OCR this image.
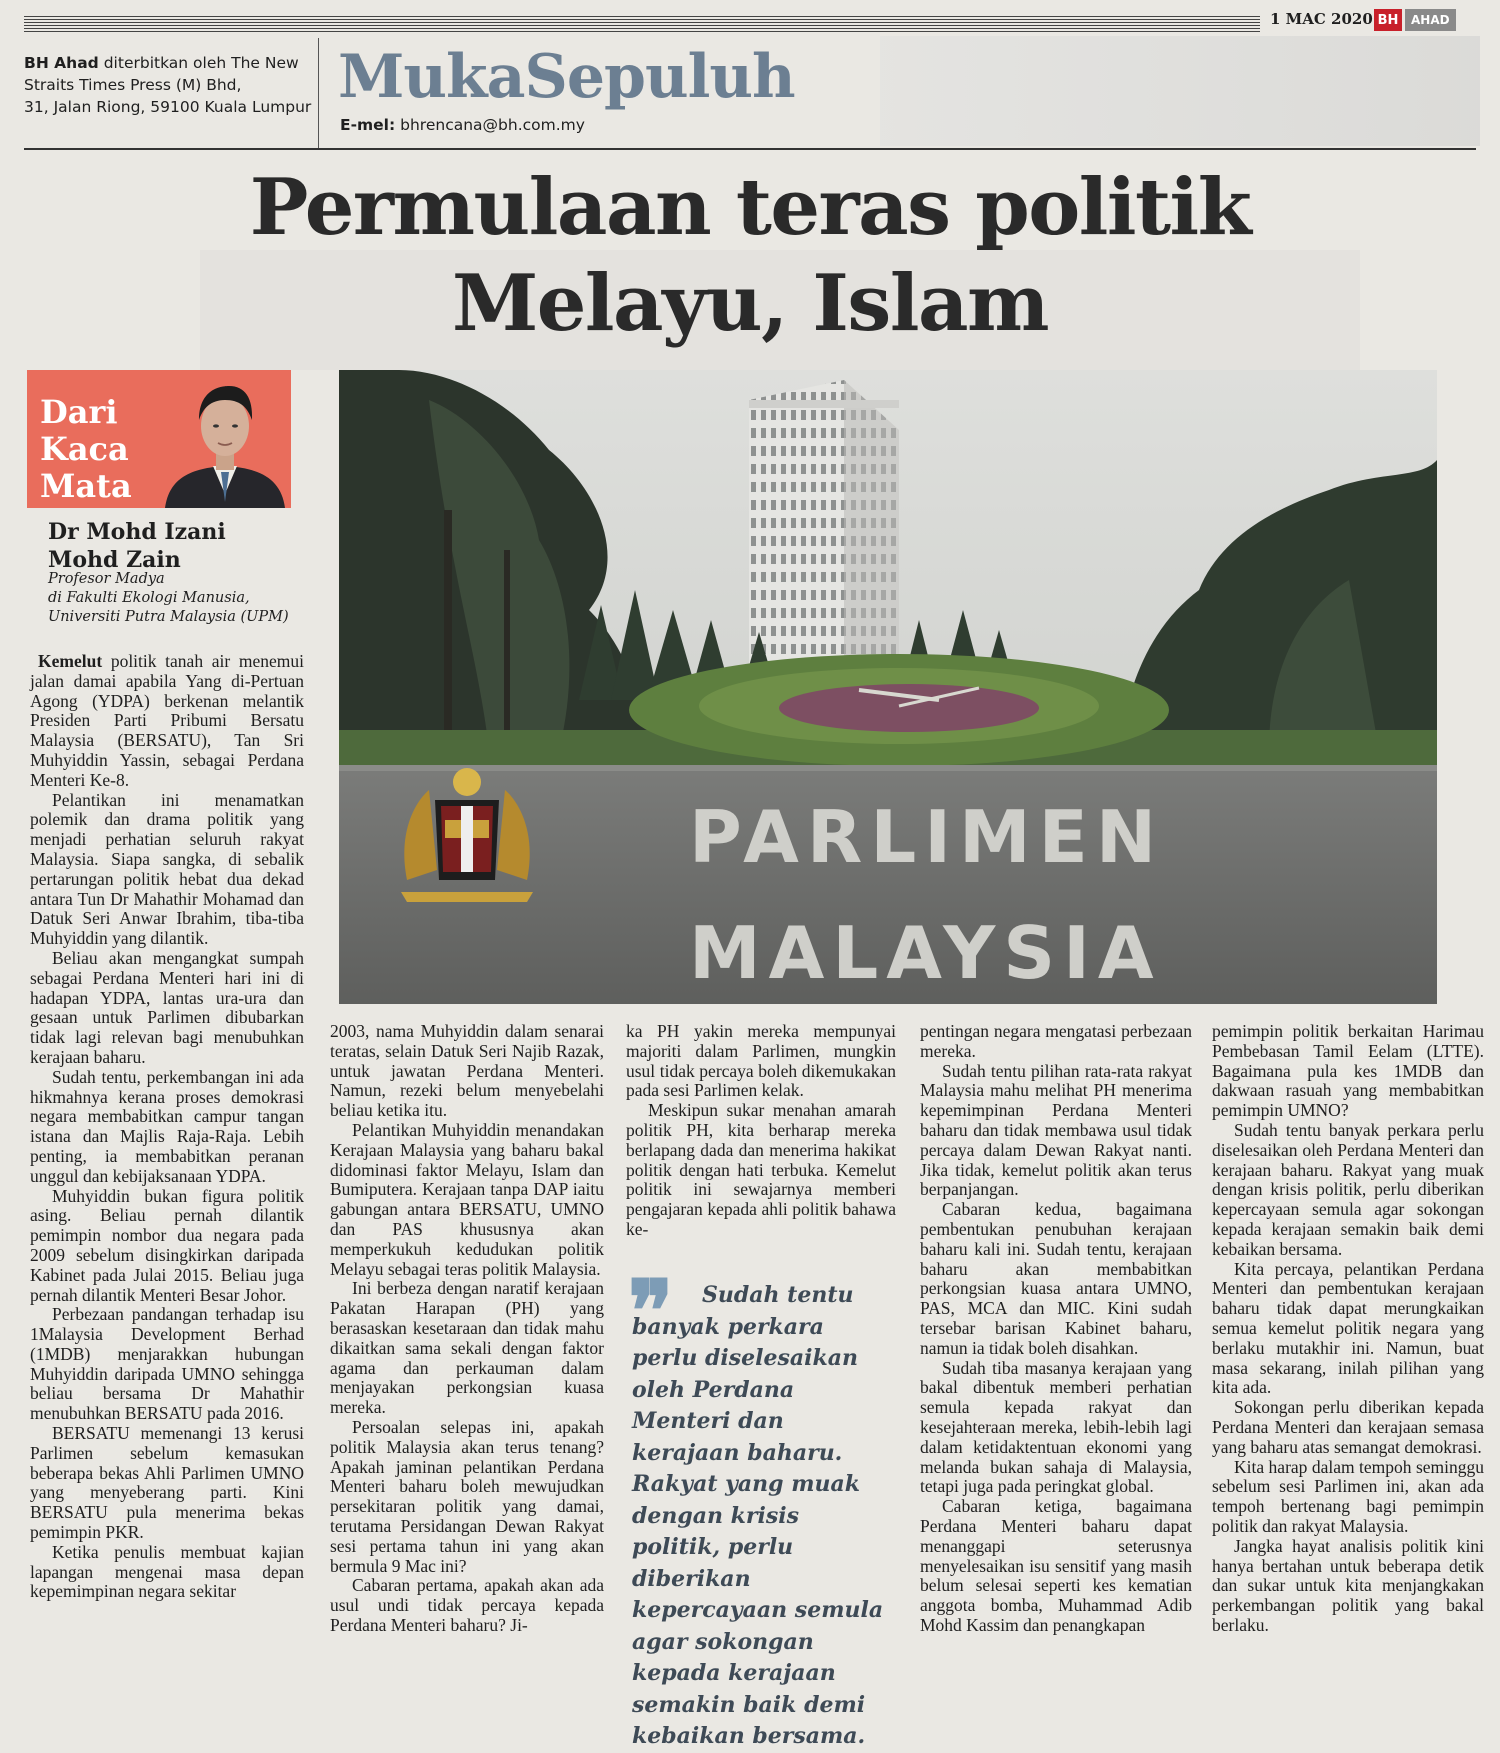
1 MAC 2020 BH	AHAD
BH Ahad diterbitkan oleh The New
Straits Times Press (M) Bhd,
31, Jalan Riong, 59100 Kuala Lumpur MukaSepuluh
E-mel: bhrencana@bh.com.my
Permulaan teras politik
Melayu, Islam
Dari
Kaca
Mata
Dr Mohd Izani
Mohd Zain
Profesor Madya
di Fakulti Ekologi Manusia,
Universiti Putra Malaysia (UPM)
PARLIMEN
MALAYSIA

Kemelut politik tanah air menemui jalan damai apabila Yang di-Pertuan Agong (YDPA) berkenan melantik Presiden Parti Pribumi Bersatu Malaysia (BERSATU), Tan Sri Muhyiddin Yassin, sebagai Perdana Menteri Ke-8.

Pelantikan ini menamatkan polemik dan drama politik yang menjadi perhatian seluruh rakyat Malaysia. Siapa sangka, di sebalik pertarungan politik hebat dua dekad antara Tun Dr Mahathir Mohamad dan Datuk Seri Anwar Ibrahim, tiba-tiba Muhyiddin yang dilantik.

Beliau akan mengangkat sumpah sebagai Perdana Menteri hari ini di hadapan YDPA, lantas ura-ura dan gesaan untuk Parlimen dibubarkan tidak lagi relevan bagi menubuhkan kerajaan baharu.

Sudah tentu, perkembangan ini ada hikmahnya kerana proses demokrasi negara membabitkan campur tangan istana dan Majlis Raja-Raja. Lebih penting, ia membabitkan peranan unggul dan kebijaksanaan YDPA.

Muhyiddin bukan figura politik asing. Beliau pernah dilantik pemimpin nombor dua negara pada 2009 sebelum disingkirkan daripada Kabinet pada Julai 2015. Beliau juga pernah dilantik Menteri Besar Johor.

Perbezaan pandangan terhadap isu 1Malaysia Development Berhad (1MDB) menjarakkan hubungan Muhyiddin daripada UMNO sehingga beliau bersama Dr Mahathir menubuhkan BERSATU pada 2016.

BERSATU memenangi 13 kerusi Parlimen sebelum kemasukan beberapa bekas Ahli Parlimen UMNO yang menyeberang parti. Kini BERSATU pula menerima bekas pemimpin PKR.

Ketika penulis membuat kajian lapangan mengenai masa depan kepemimpinan negara sekitar

2003, nama Muhyiddin dalam senarai teratas, selain Datuk Seri Najib Razak, untuk jawatan Perdana Menteri. Namun, rezeki belum menyebelahi beliau ketika itu.

Pelantikan Muhyiddin menandakan Kerajaan Malaysia yang baharu bakal didominasi faktor Melayu, Islam dan Bumiputera. Kerajaan tanpa DAP iaitu gabungan antara BERSATU, UMNO dan PAS khususnya akan memperkukuh kedudukan politik Melayu sebagai teras politik Malaysia.

Ini berbeza dengan naratif kerajaan Pakatan Harapan (PH) yang berasaskan kesetaraan dan tidak mahu dikaitkan sama sekali dengan faktor agama dan perkauman dalam menjayakan perkongsian kuasa mereka.

Persoalan selepas ini, apakah politik Malaysia akan terus tenang? Apakah jaminan pelantikan Perdana Menteri baharu boleh mewujudkan persekitaran politik yang damai, terutama Persidangan Dewan Rakyat sesi pertama tahun ini yang akan bermula 9 Mac ini?

Cabaran pertama, apakah akan ada usul undi tidak percaya kepada Perdana Menteri baharu? Ji-

ka PH yakin mereka mempunyai majoriti dalam Parlimen, mungkin usul tidak percaya boleh dikemukakan pada sesi Parlimen kelak.

Meskipun sukar menahan amarah politik PH, kita berharap mereka berlapang dada dan menerima hakikat politik dengan hati terbuka. Kemelut politik ini sewajarnya memberi pengajaran kepada ahli politik bahawa ke-

❞	Sudah tentu banyak perkara perlu diselesaikan oleh Perdana Menteri dan kerajaan baharu. Rakyat yang muak dengan krisis politik, perlu diberikan kepercayaan semula agar sokongan kepada kerajaan semakin baik demi kebaikan bersama.

pentingan negara mengatasi perbezaan mereka.

Sudah tentu pilihan rata-rata rakyat Malaysia mahu melihat PH menerima kepemimpinan Perdana Menteri baharu dan tidak membawa usul tidak percaya dalam Dewan Rakyat nanti. Jika tidak, kemelut politik akan terus berpanjangan.

Cabaran kedua, bagaimana pembentukan penubuhan kerajaan baharu kali ini. Sudah tentu, kerajaan baharu akan membabitkan perkongsian kuasa antara UMNO, PAS, MCA dan MIC. Kini sudah tersebar barisan Kabinet baharu, namun ia tidak boleh disahkan.

Sudah tiba masanya kerajaan yang bakal dibentuk memberi perhatian semula kepada rakyat dan kesejahteraan mereka, lebih-lebih lagi dalam ketidaktentuan ekonomi yang melanda bukan sahaja di Malaysia, tetapi juga pada peringkat global.

Cabaran ketiga, bagaimana Perdana Menteri baharu dapat menanggapi seterusnya menyelesaikan isu sensitif yang masih belum selesai seperti kes kematian anggota bomba, Muhammad Adib Mohd Kassim dan penangkapan

pemimpin politik berkaitan Harimau Pembebasan Tamil Eelam (LTTE). Bagaimana pula kes 1MDB dan dakwaan rasuah yang membabitkan pemimpin UMNO?

Sudah tentu banyak perkara perlu diselesaikan oleh Perdana Menteri dan kerajaan baharu. Rakyat yang muak dengan krisis politik, perlu diberikan kepercayaan semula agar sokongan kepada kerajaan semakin baik demi kebaikan bersama.

Kita percaya, pelantikan Perdana Menteri dan pembentukan kerajaan baharu tidak dapat merungkaikan semua kemelut politik negara yang berlaku mutakhir ini. Namun, buat masa sekarang, inilah pilihan yang kita ada.

Sokongan perlu diberikan kepada Perdana Menteri dan kerajaan semasa yang baharu atas semangat demokrasi.

Kita harap dalam tempoh seminggu sebelum sesi Parlimen ini, akan ada tempoh bertenang bagi pemimpin politik dan rakyat Malaysia.

Jangka hayat analisis politik kini hanya bertahan untuk beberapa detik dan sukar untuk kita menjangkakan perkembangan politik yang bakal berlaku.
